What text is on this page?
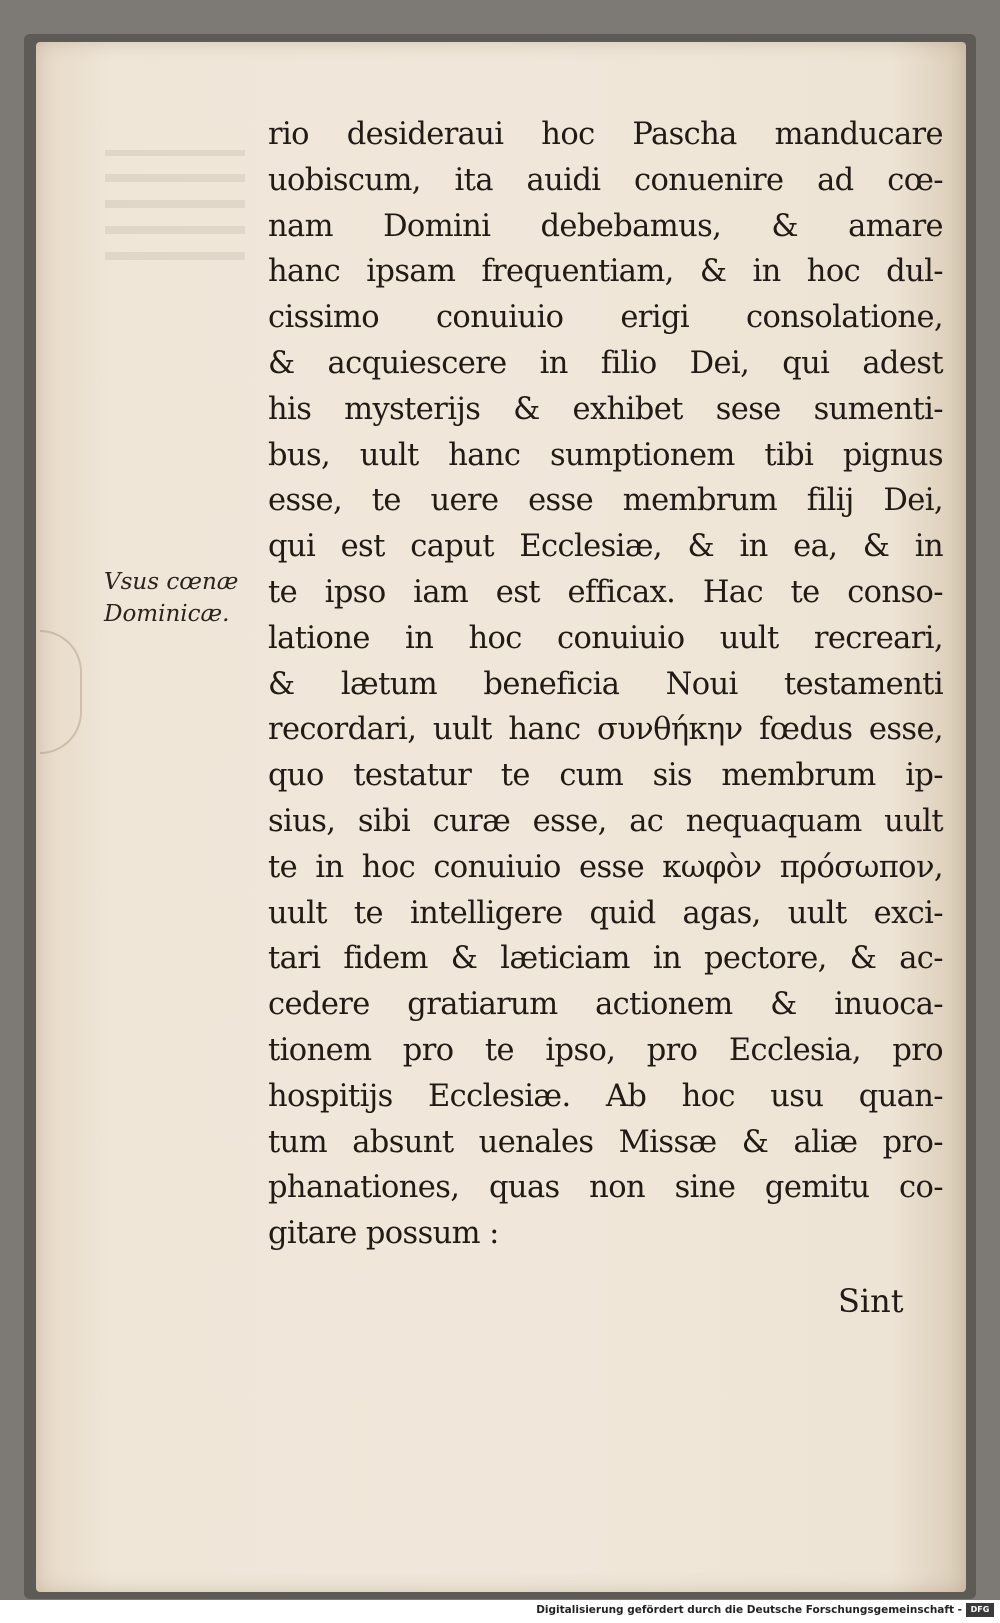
Vsus cœnæ
Dominicæ.
rio desideraui hoc Pascha manducare
uobiscum, ita auidi conuenire ad cœ-
nam Domini debebamus, & amare
hanc ipsam frequentiam, & in hoc dul-
cissimo conuiuio erigi consolatione,
& acquiescere in filio Dei, qui adest
his mysterijs & exhibet sese sumenti-
bus, uult hanc sumptionem tibi pignus
esse, te uere esse membrum filij Dei,
qui est caput Ecclesiæ, & in ea, & in
te ipso iam est efficax. Hac te conso-
latione in hoc conuiuio uult recreari,
& lætum beneficia Noui testamenti
recordari, uult hanc συνθήκην fœdus esse,
quo testatur te cum sis membrum ip-
sius, sibi curæ esse, ac nequaquam uult
te in hoc conuiuio esse κωφὸν πρόσωπον,
uult te intelligere quid agas, uult exci-
tari fidem & læticiam in pectore, & ac-
cedere gratiarum actionem & inuoca-
tionem pro te ipso, pro Ecclesia, pro
hospitijs Ecclesiæ. Ab hoc usu quan-
tum absunt uenales Missæ & aliæ pro-
phanationes, quas non sine gemitu co-
gitare possum :
Sint
Digitalisierung gefördert durch die Deutsche Forschungsgemeinschaft -	DFG
